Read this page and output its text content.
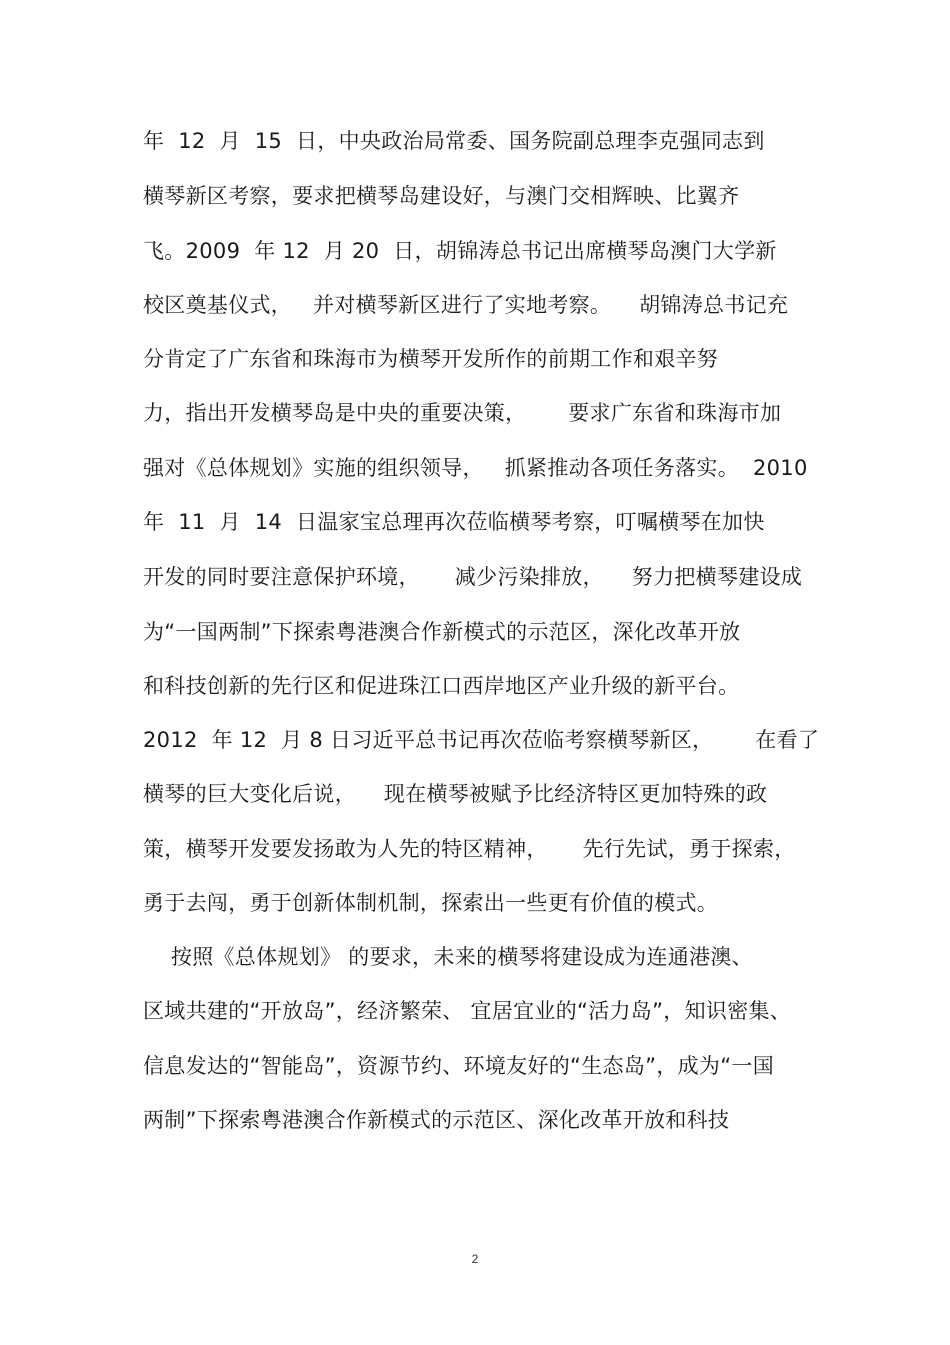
年  12  月  15  日，中央政治局常委、国务院副总理李克强同志到
横琴新区考察，要求把横琴岛建设好，与澳门交相辉映、比翼齐
飞。2009  年 12  月 20  日，胡锦涛总书记出席横琴岛澳门大学新
校区奠基仪式，   并对横琴新区进行了实地考察。    胡锦涛总书记充
分肯定了广东省和珠海市为横琴开发所作的前期工作和艰辛努
力，指出开发横琴岛是中央的重要决策，      要求广东省和珠海市加
强对《总体规划》实施的组织领导，   抓紧推动各项任务落实。  2010
年  11  月  14  日温家宝总理再次莅临横琴考察，叮嘱横琴在加快
开发的同时要注意保护环境，     减少污染排放，    努力把横琴建设成
为“一国两制”下探索粤港澳合作新模式的示范区，深化改革开放
和科技创新的先行区和促进珠江口西岸地区产业升级的新平台。
2012  年 12  月 8 日习近平总书记再次莅临考察横琴新区，      在看了
横琴的巨大变化后说，    现在横琴被赋予比经济特区更加特殊的政
策，横琴开发要发扬敢为人先的特区精神，     先行先试，勇于探索，
勇于去闯，勇于创新体制机制，探索出一些更有价值的模式。
按照《总体规划》 的要求，未来的横琴将建设成为连通港澳、
区域共建的“开放岛”，经济繁荣、 宜居宜业的“活力岛”，知识密集、
信息发达的“智能岛”，资源节约、环境友好的“生态岛”，成为“一国
两制”下探索粤港澳合作新模式的示范区、深化改革开放和科技
2
